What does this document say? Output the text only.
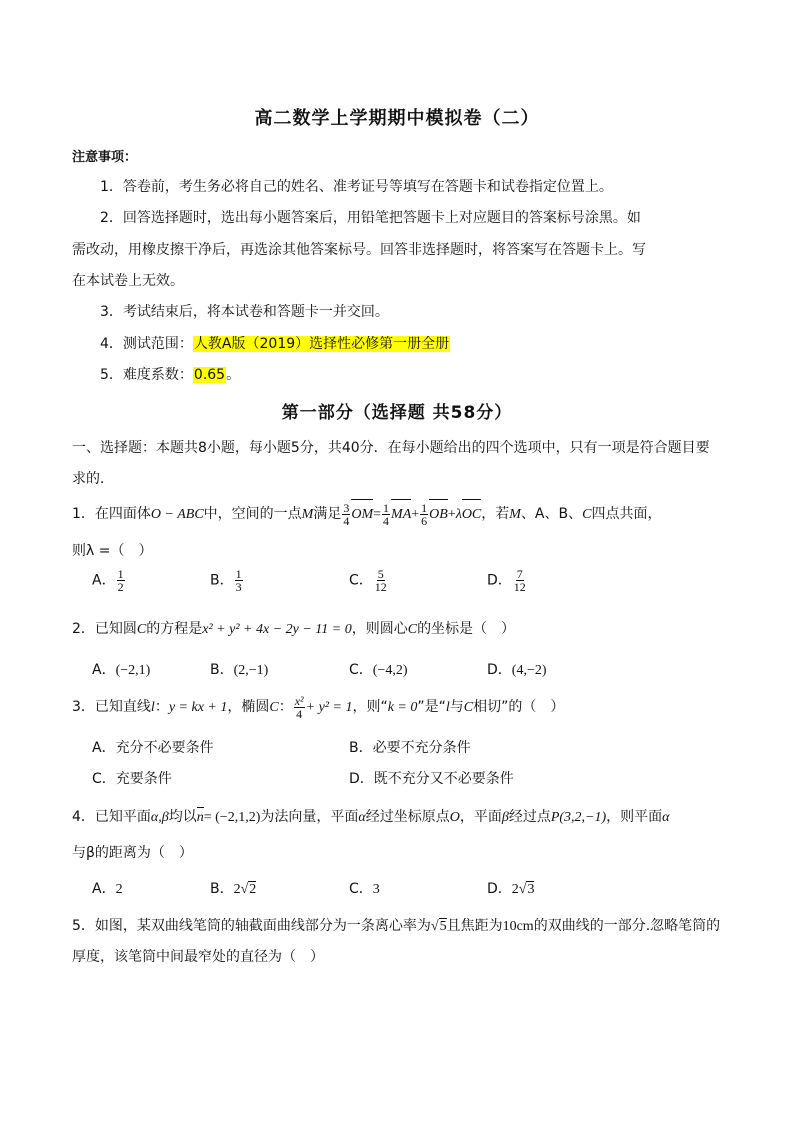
高二数学上学期期中模拟卷（二）
注意事项：
1．答卷前，考生务必将自己的姓名、准考证号等填写在答题卡和试卷指定位置上。
2．回答选择题时，选出每小题答案后，用铅笔把答题卡上对应题目的答案标号涂黑。如
需改动，用橡皮擦干净后，再选涂其他答案标号。回答非选择题时，将答案写在答题卡上。写
在本试卷上无效。
3．考试结束后，将本试卷和答题卡一并交回。
4．测试范围：人教A版（2019）选择性必修第一册全册
5．难度系数：0.65。
第一部分（选择题 共58分）
一、选择题：本题共8小题，每小题5分，共40分．在每小题给出的四个选项中，只有一项是符合题目要
求的．
1．在四面体O − ABC中，空间的一点M满足 $\frac{3}{4} OM= \frac{1}{4} MA+ \frac{1}{6} OB+\lambda OC$，若M、A、B、C四点共面，
则λ =（　）
A． $\frac{1}{2}$	B． $\frac{1}{3}$	C． $\frac{5}{12}$	D． $\frac{7}{12}$
2．已知圆C的方程是x² + y² + 4x − 2y − 11 = 0，则圆心C的坐标是（　）
A．(−2,1)	B．(2,−1)	C．(−4,2)	D．(4,−2)
3．已知直线l：y = kx + 1，椭圆C： $\frac{\text{x²}}{4} + y^2 = 1$，则“k = 0”是“l与C相切”的（　）
A．充分不必要条件	B．必要不充分条件
C．充要条件	D．既不充分又不必要条件
4．已知平面α,β均以n= (−2,1,2)为法向量，平面α经过坐标原点O，平面β经过点P(3,2,−1)，则平面α
与β的距离为（　）
A．2	B．2√2	C．3	D．2√3
5．如图，某双曲线笔筒的轴截面曲线部分为一条离心率为√5且焦距为10cm的双曲线的一部分.忽略笔筒的
厚度，该笔筒中间最窄处的直径为（　）
